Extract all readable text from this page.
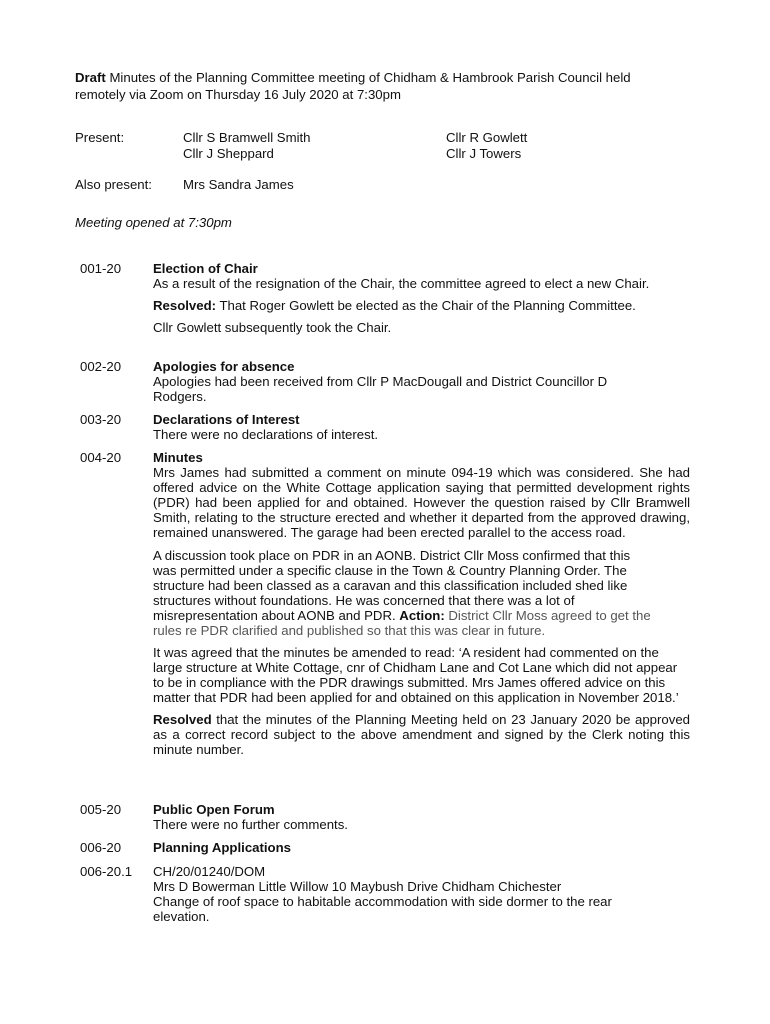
Draft Minutes of the Planning Committee meeting of Chidham & Hambrook Parish Council held
remotely via Zoom on Thursday 16 July 2020 at 7:30pm
Present:	Cllr S Bramwell Smith
Cllr J Sheppard
Cllr R Gowlett
Cllr J Towers
Also present: Mrs Sandra James
Meeting opened at 7:30pm
001-20 Election of Chair

As a result of the resignation of the Chair, the committee agreed to elect a new Chair.

Resolved: That Roger Gowlett be elected as the Chair of the Planning Committee.

Cllr Gowlett subsequently took the Chair.

002-20 Apologies for absence

Apologies had been received from Cllr P MacDougall and District Councillor D Rodgers.

003-20 Declarations of Interest

There were no declarations of interest.

004-20 Minutes

Mrs James had submitted a comment on minute 094-19 which was considered. She had offered advice on the White Cottage application saying that permitted development rights (PDR) had been applied for and obtained. However the question raised by Cllr Bramwell Smith, relating to the structure erected and whether it departed from the approved drawing, remained unanswered. The garage had been erected parallel to the access road.

A discussion took place on PDR in an AONB. District Cllr Moss confirmed that this was permitted under a specific clause in the Town & Country Planning Order. The structure had been classed as a caravan and this classification included shed like structures without foundations. He was concerned that there was a lot of misrepresentation about AONB and PDR. Action: District Cllr Moss agreed to get the rules re PDR clarified and published so that this was clear in future.

It was agreed that the minutes be amended to read: ‘A resident had commented on the large structure at White Cottage, cnr of Chidham Lane and Cot Lane which did not appear to be in compliance with the PDR drawings submitted. Mrs James offered advice on this matter that PDR had been applied for and obtained on this application in November 2018.’

Resolved that the minutes of the Planning Meeting held on 23 January 2020 be approved as a correct record subject to the above amendment and signed by the Clerk noting this minute number.

005-20 Public Open Forum

There were no further comments.

006-20 Planning Applications

006-20.1 CH/20/01240/DOM

Mrs D Bowerman Little Willow 10 Maybush Drive Chidham Chichester

Change of roof space to habitable accommodation with side dormer to the rear elevation.
